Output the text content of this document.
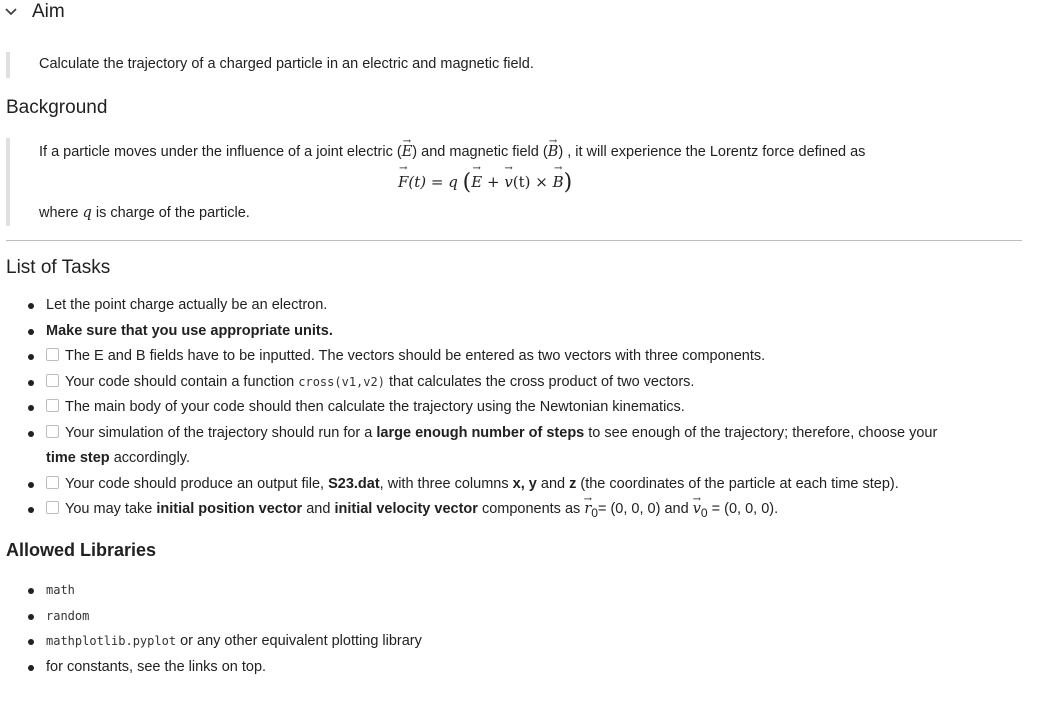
Aim
Calculate the trajectory of a charged particle in an electric and magnetic field.
Background
If a particle moves under the influence of a joint electric (→ E) and magnetic field (→ B) , it will experience the Lorentz force defined as
→ F(t) = q (→ E + → v(t) × → B)
where q is charge of the particle.
List of Tasks
Let the point charge actually be an electron.
Make sure that you use appropriate units.
The E and B fields have to be inputted. The vectors should be entered as two vectors with three components.
Your code should contain a function cross(v1,v2) that calculates the cross product of two vectors.
The main body of your code should then calculate the trajectory using the Newtonian kinematics.
Your simulation of the trajectory should run for a large enough number of steps to see enough of the trajectory; therefore, choose your
time step accordingly.
Your code should produce an output file, S23.dat, with three columns x, y and z (the coordinates of the particle at each time step).
You may take initial position vector and initial velocity vector components as → $r_0= (0$, 0, 0) and → $v_0 = (0$, 0, 0).
Allowed Libraries
math
random
mathplotlib.pyplot or any other equivalent plotting library
for constants, see the links on top.
